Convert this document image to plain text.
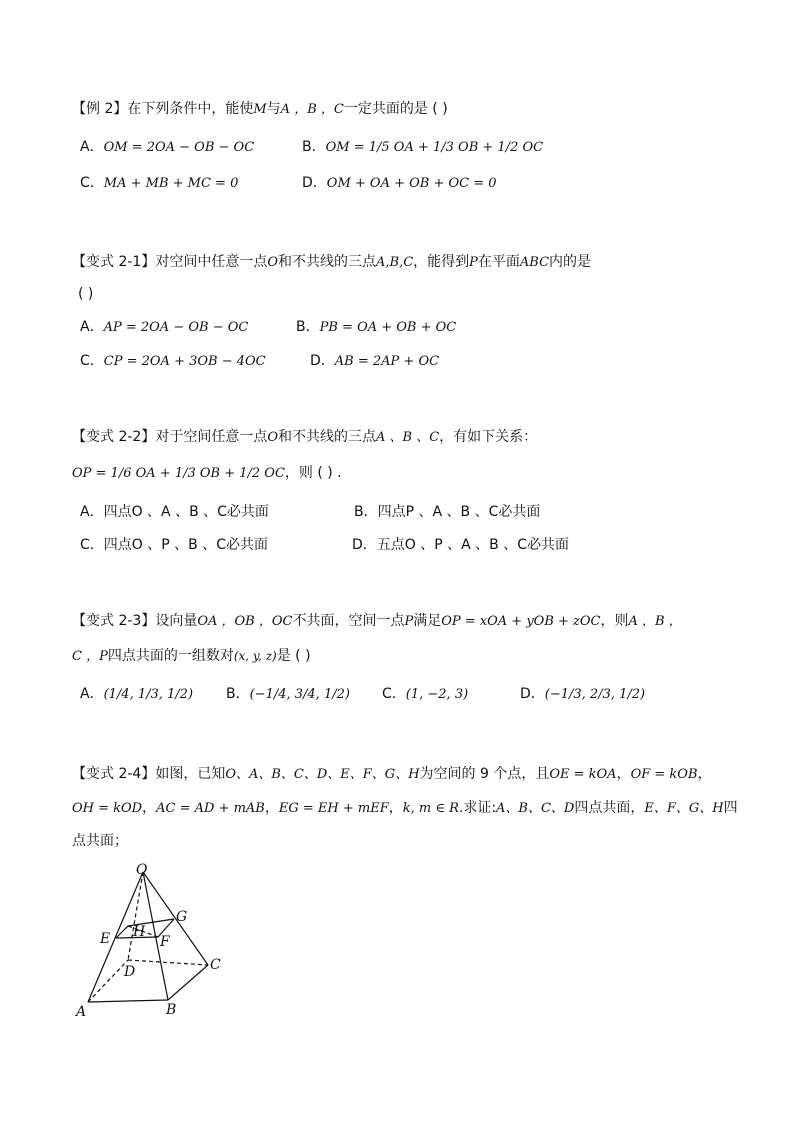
【例 2】在下列条件中，能使M与A ，B ，C一定共面的是 ( )
A．OM = 2OA − OB − OC	B．OM = 1/5 OA + 1/3 OB + 1/2 OC
C．MA + MB + MC = 0	D．OM + OA + OB + OC = 0
【变式 2-1】对空间中任意一点O和不共线的三点A,B,C，能得到P在平面ABC内的是
( )
A．AP = 2OA − OB − OC	B．PB = OA + OB + OC
C．CP = 2OA + 3OB − 4OC	D．AB = 2AP + OC
【变式 2-2】对于空间任意一点O和不共线的三点A 、B 、C，有如下关系：
OP = 1/6 OA + 1/3 OB + 1/2 OC，则 ( ) .
A．四点O 、A 、B 、C必共面	B．四点P 、A 、B 、C必共面
C．四点O 、P 、B 、C必共面	D．五点O 、P 、A 、B 、C必共面
【变式 2-3】设向量OA ，OB ，OC不共面，空间一点P满足OP = xOA + yOB + zOC，则A ，B ，
C ，P四点共面的一组数对(x, y, z)是 ( )
A．(1/4, 1/3, 1/2) B．(−1/4, 3/4, 1/2) C．(1, −2, 3)	D．(−1/3, 2/3, 1/2)
【变式 2-4】如图，已知O、A、B、C、D、E、F、G、H为空间的 9 个点，且OE = kOA，OF = kOB，
OH = kOD，AC = AD + mAB，EG = EH + mEF，k, m ∈ R.求证:A、B、C、D四点共面，E、F、G、H四
点共面；
O
G
E H
F
D	C
A	B
